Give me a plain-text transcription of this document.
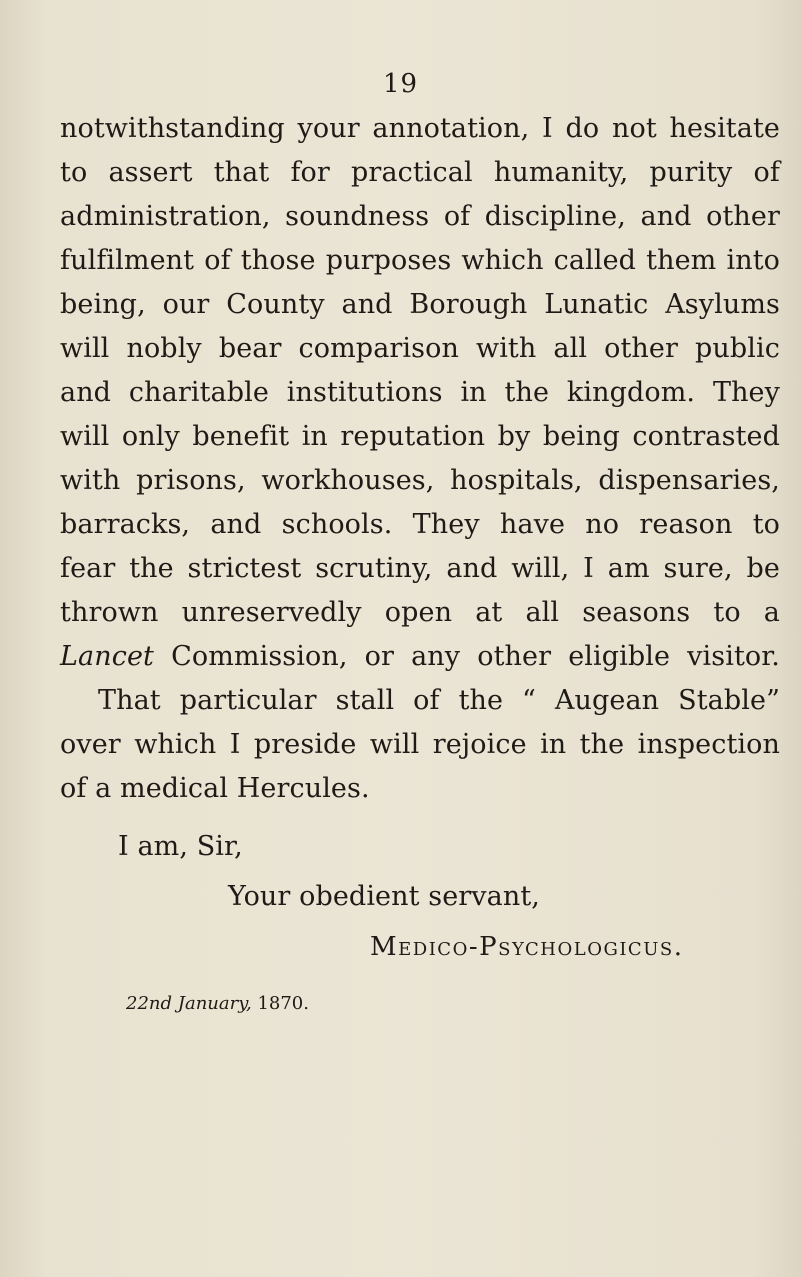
19
notwithstanding your annotation, I do not hesitate
to assert that for practical humanity, purity of
administration, soundness of discipline, and other
fulfilment of those purposes which called them into
being, our County and Borough Lunatic Asylums
will nobly bear comparison with all other public
and charitable institutions in the kingdom. They
will only benefit in reputation by being contrasted
with prisons, workhouses, hospitals, dispensaries,
barracks, and schools. They have no reason to
fear the strictest scrutiny, and will, I am sure, be
thrown unreservedly open at all seasons to a
Lancet Commission, or any other eligible visitor.
That particular stall of the “ Augean Stable”
over which I preside will rejoice in the inspection
of a medical Hercules.
I am, Sir,
Your obedient servant,
Medico-Psychologicus.
22nd January, 1870.
